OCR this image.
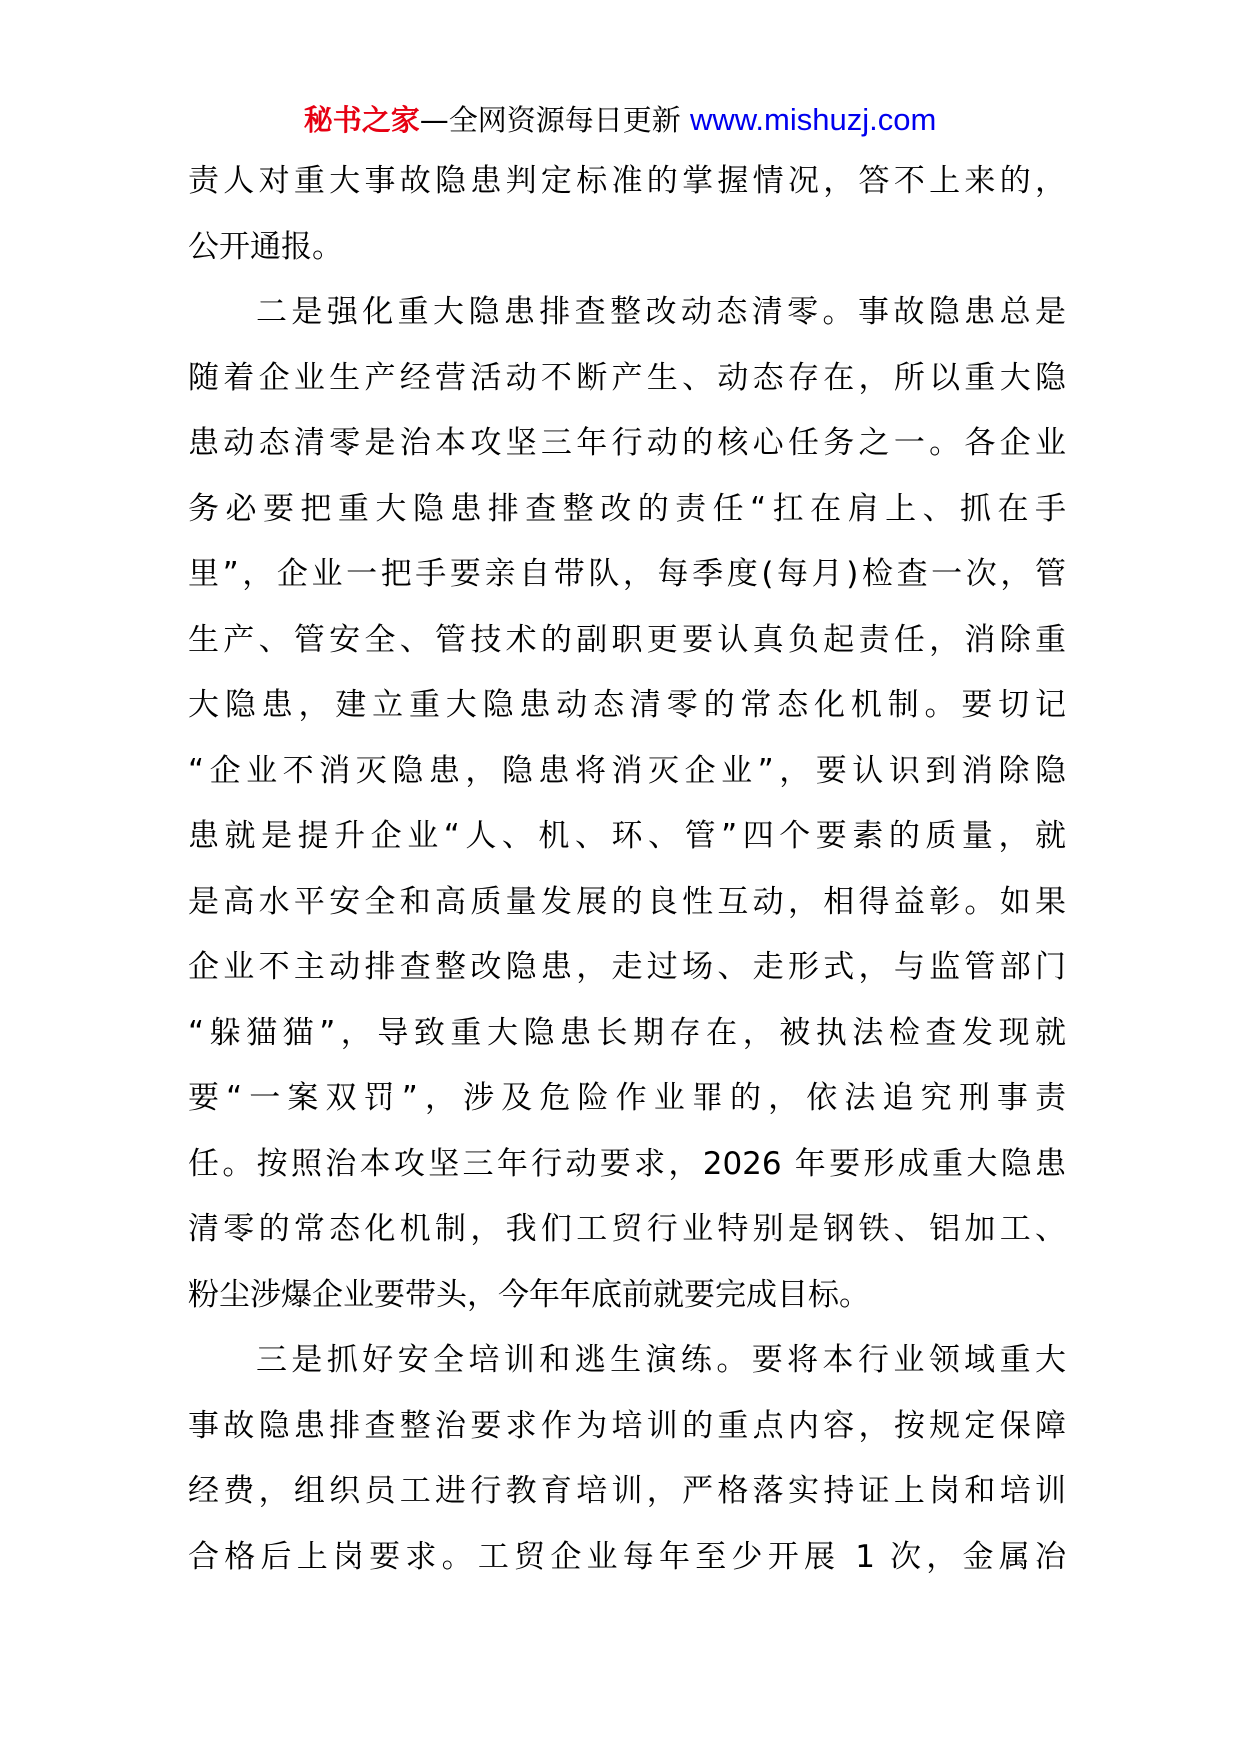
秘书之家—全网资源每日更新 www.mishuzj.com
责人对重大事故隐患判定标准的掌握情况，答不上来的，
公开通报。
二是强化重大隐患排查整改动态清零。事故隐患总是
随着企业生产经营活动不断产生、动态存在，所以重大隐
患动态清零是治本攻坚三年行动的核心任务之一。各企业
务必要把重大隐患排查整改的责任“扛在肩上、抓在手
里”，企业一把手要亲自带队，每季度(每月)检查一次，管
生产、管安全、管技术的副职更要认真负起责任，消除重
大隐患，建立重大隐患动态清零的常态化机制。要切记
“企业不消灭隐患，隐患将消灭企业”，要认识到消除隐
患就是提升企业“人、机、环、管”四个要素的质量，就
是高水平安全和高质量发展的良性互动，相得益彰。如果
企业不主动排查整改隐患，走过场、走形式，与监管部门
“躲猫猫”，导致重大隐患长期存在，被执法检查发现就
要“一案双罚”，涉及危险作业罪的，依法追究刑事责
任。按照治本攻坚三年行动要求，2026 年要形成重大隐患
清零的常态化机制，我们工贸行业特别是钢铁、铝加工、
粉尘涉爆企业要带头，今年年底前就要完成目标。
三是抓好安全培训和逃生演练。要将本行业领域重大
事故隐患排查整治要求作为培训的重点内容，按规定保障
经费，组织员工进行教育培训，严格落实持证上岗和培训
合格后上岗要求。工贸企业每年至少开展 1 次，金属冶
